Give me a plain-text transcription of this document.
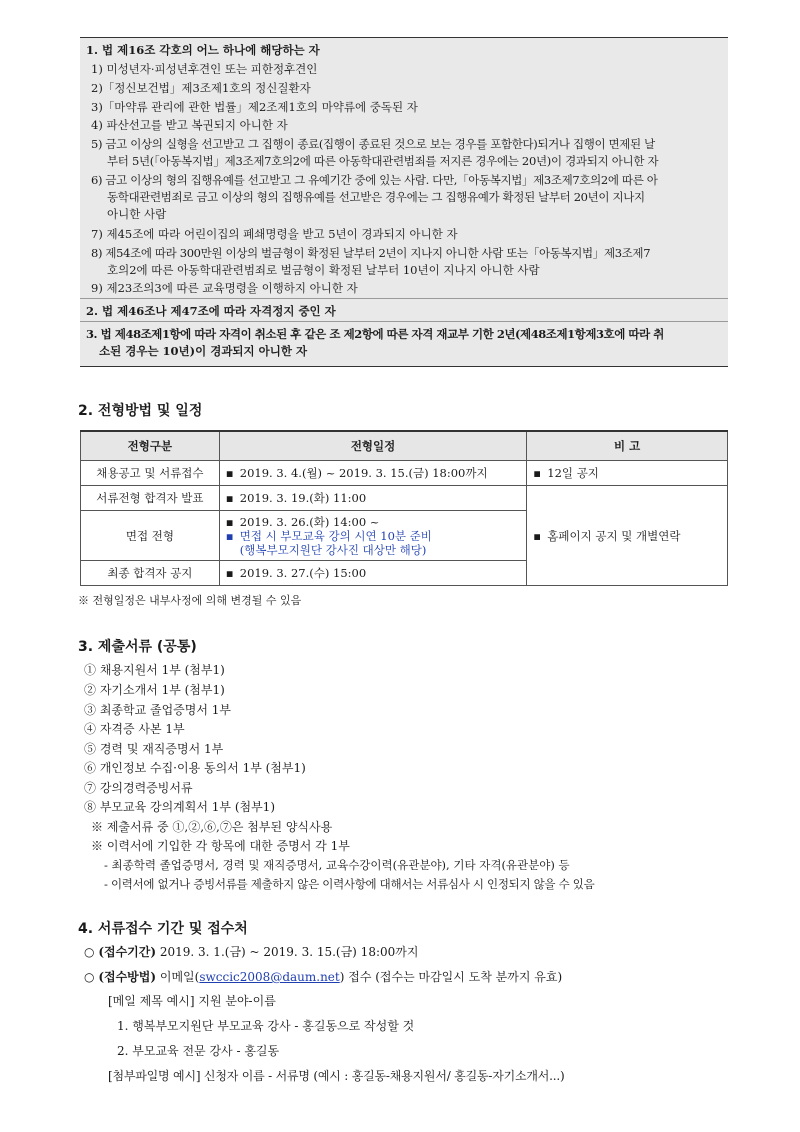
1. 법 제16조 각호의 어느 하나에 해당하는 자
1) 미성년자·피성년후견인 또는 피한정후견인
2)「정신보건법」제3조제1호의 정신질환자
3)「마약류 관리에 관한 법률」제2조제1호의 마약류에 중독된 자
4) 파산선고를 받고 복권되지 아니한 자
5) 금고 이상의 실형을 선고받고 그 집행이 종료(집행이 종료된 것으로 보는 경우를 포함한다)되거나 집행이 면제된 날
부터 5년(「아동복지법」제3조제7호의2에 따른 아동학대관련범죄를 저지른 경우에는 20년)이 경과되지 아니한 자
6) 금고 이상의 형의 집행유예를 선고받고 그 유예기간 중에 있는 사람. 다만,「아동복지법」제3조제7호의2에 따른 아
동학대관련범죄로 금고 이상의 형의 집행유예를 선고받은 경우에는 그 집행유예가 확정된 날부터 20년이 지나지
아니한 사람
7) 제45조에 따라 어린이집의 폐쇄명령을 받고 5년이 경과되지 아니한 자
8) 제54조에 따라 300만원 이상의 벌금형이 확정된 날부터 2년이 지나지 아니한 사람 또는「아동복지법」제3조제7
호의2에 따른 아동학대관련범죄로 벌금형이 확정된 날부터 10년이 지나지 아니한 사람
9) 제23조의3에 따른 교육명령을 이행하지 아니한 자
2. 법 제46조나 제47조에 따라 자격정지 중인 자
3. 법 제48조제1항에 따라 자격이 취소된 후 같은 조 제2항에 따른 자격 재교부 기한 2년(제48조제1항제3호에 따라 취
소된 경우는 10년)이 경과되지 아니한 자
2. 전형방법 및 일정
전형구분	전형일정	비 고
채용공고 및 서류접수	▪ 2019. 3. 4.(월) ~ 2019. 3. 15.(금) 18:00까지	▪ 12일 공지
서류전형 합격자 발표	▪ 2019. 3. 19.(화) 11:00	▪ 홈페이지 공지 및 개별연락
면접 전형	▪ 2019. 3. 26.(화) 14:00 ~
▪ 면접 시 부모교육 강의 시연 10분 준비
(행복부모지원단 강사진 대상만 해당)	

최종 합격자 공지	▪ 2019. 3. 27.(수) 15:00	
※ 전형일정은 내부사정에 의해 변경될 수 있음
3. 제출서류 (공통)
① 채용지원서 1부 (첨부1)
② 자기소개서 1부 (첨부1)
③ 최종학교 졸업증명서 1부
④ 자격증 사본 1부
⑤ 경력 및 재직증명서 1부
⑥ 개인정보 수집·이용 동의서 1부 (첨부1)
⑦ 강의경력증빙서류
⑧ 부모교육 강의계획서 1부 (첨부1)
※ 제출서류 중 ①,②,⑥,⑦은 첨부된 양식사용
※ 이력서에 기입한 각 항목에 대한 증명서 각 1부
- 최종학력 졸업증명서, 경력 및 재직증명서, 교육수강이력(유관분야), 기타 자격(유관분야) 등
- 이력서에 없거나 증빙서류를 제출하지 않은 이력사항에 대해서는 서류심사 시 인정되지 않을 수 있음
4. 서류접수 기간 및 접수처
○ (접수기간) 2019. 3. 1.(금) ~ 2019. 3. 15.(금) 18:00까지
○ (접수방법) 이메일(swccic2008@daum.net) 접수 (접수는 마감일시 도착 분까지 유효)
[메일 제목 예시] 지원 분야-이름
1. 행복부모지원단 부모교육 강사 - 홍길동으로 작성할 것
2. 부모교육 전문 강사 - 홍길동
[첨부파일명 예시] 신청자 이름 - 서류명 (예시 : 홍길동-채용지원서/ 홍길동-자기소개서...)
